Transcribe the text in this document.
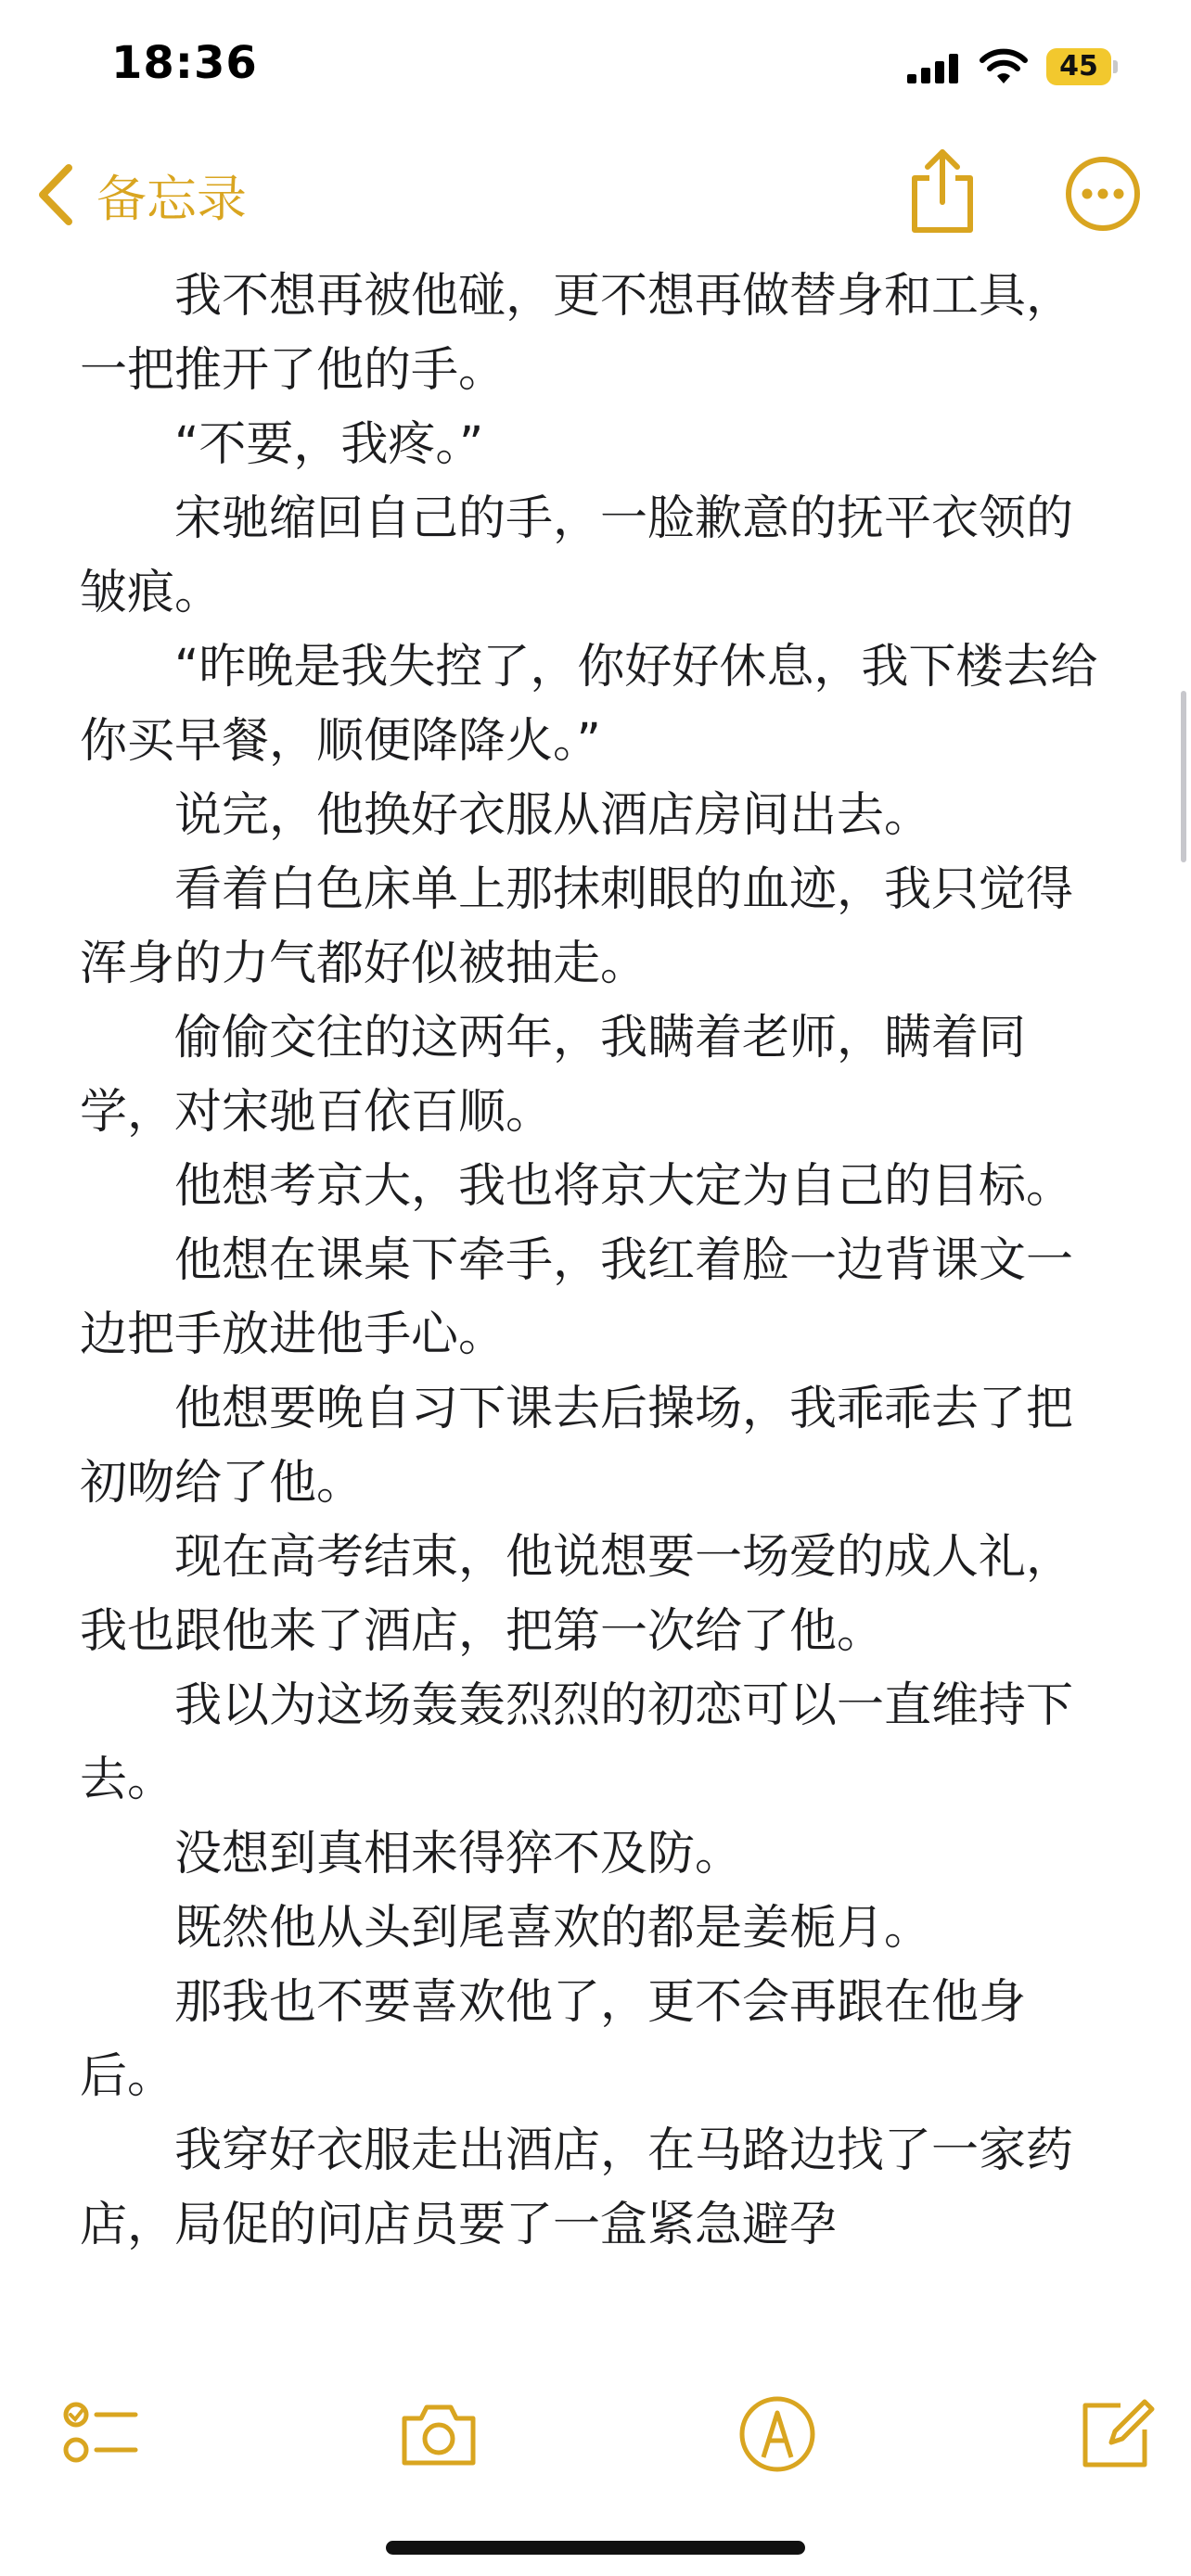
18:36	45
备忘录

我不想再被他碰，更不想再做替身和工具，一把推开了他的手。

“不要，我疼。”

宋驰缩回自己的手，一脸歉意的抚平衣领的皱痕。

“昨晚是我失控了，你好好休息，我下楼去给你买早餐，顺便降降火。”

说完，他换好衣服从酒店房间出去。

看着白色床单上那抹刺眼的血迹，我只觉得浑身的力气都好似被抽走。

偷偷交往的这两年，我瞒着老师，瞒着同学，对宋驰百依百顺。

他想考京大，我也将京大定为自己的目标。

他想在课桌下牵手，我红着脸一边背课文一边把手放进他手心。

他想要晚自习下课去后操场，我乖乖去了把初吻给了他。

现在高考结束，他说想要一场爱的成人礼，我也跟他来了酒店，把第一次给了他。

我以为这场轰轰烈烈的初恋可以一直维持下去。

没想到真相来得猝不及防。

既然他从头到尾喜欢的都是姜栀月。

那我也不要喜欢他了，更不会再跟在他身后。

我穿好衣服走出酒店，在马路边找了一家药店，局促的问店员要了一盒紧急避孕
